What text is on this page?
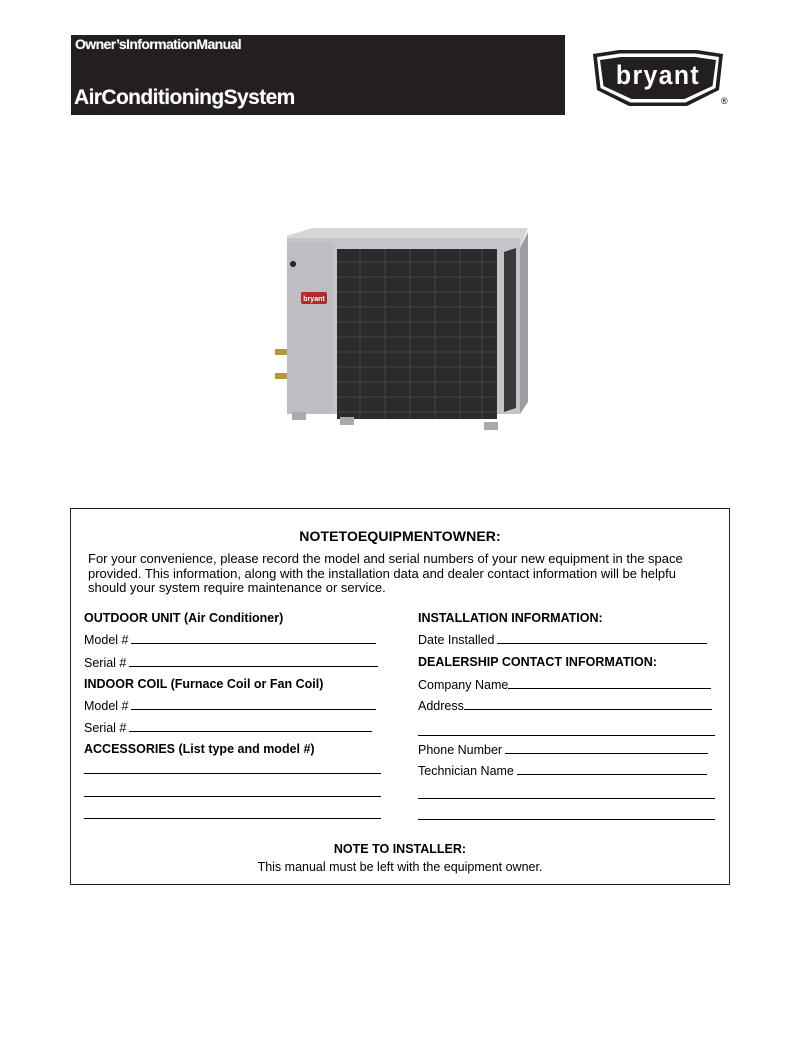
Owner’sInformationManual
AirConditioningSystem
bryant
®
bryant
NOTETOEQUIPMENTOWNER:
For your convenience, please record the model and serial numbers of your new equipment in the space
provided. This information, along with the installation data and dealer contact information will be helpfu
should your system require maintenance or service.
OUTDOOR UNIT (Air Conditioner)
Model #
Serial #
INDOOR COIL (Furnace Coil or Fan Coil)
Model #
Serial #
ACCESSORIES (List type and model #)
INSTALLATION INFORMATION:
Date Installed
DEALERSHIP CONTACT INFORMATION:
Company Name
Address
Phone Number
Technician Name
NOTE TO INSTALLER:
This manual must be left with the equipment owner.
